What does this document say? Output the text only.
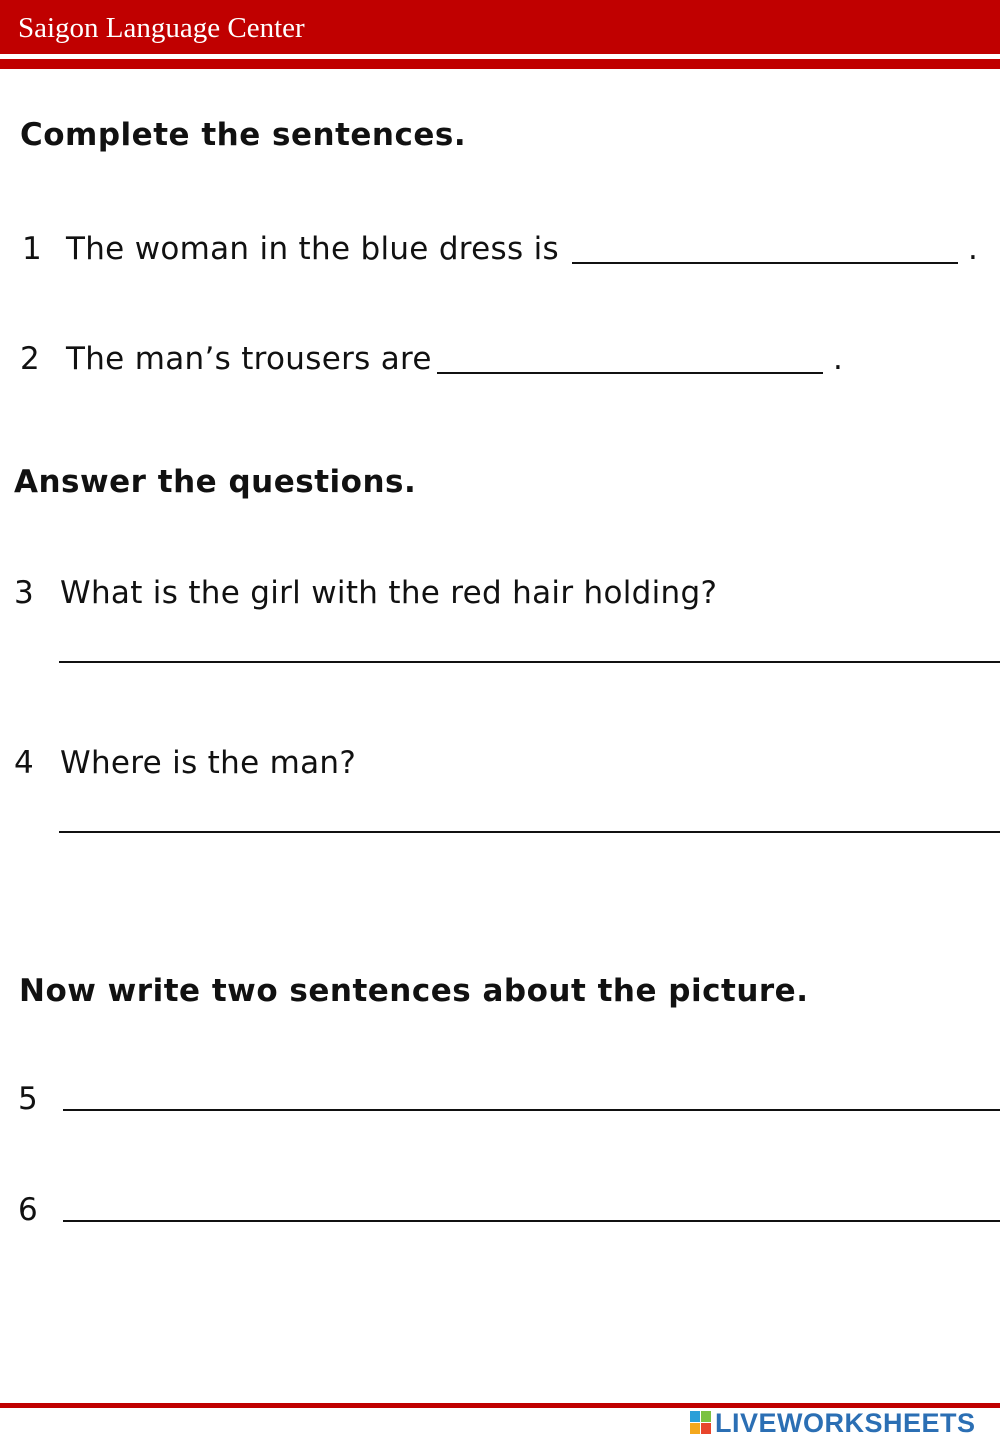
Saigon Language Center
Complete the sentences.
1 The woman in the blue dress is	.
2 The man’s trousers are	.
Answer the questions.
3 What is the girl with the red hair holding?
4 Where is the man?
Now write two sentences about the picture.
5
6
LIVEWORKSHEETS
